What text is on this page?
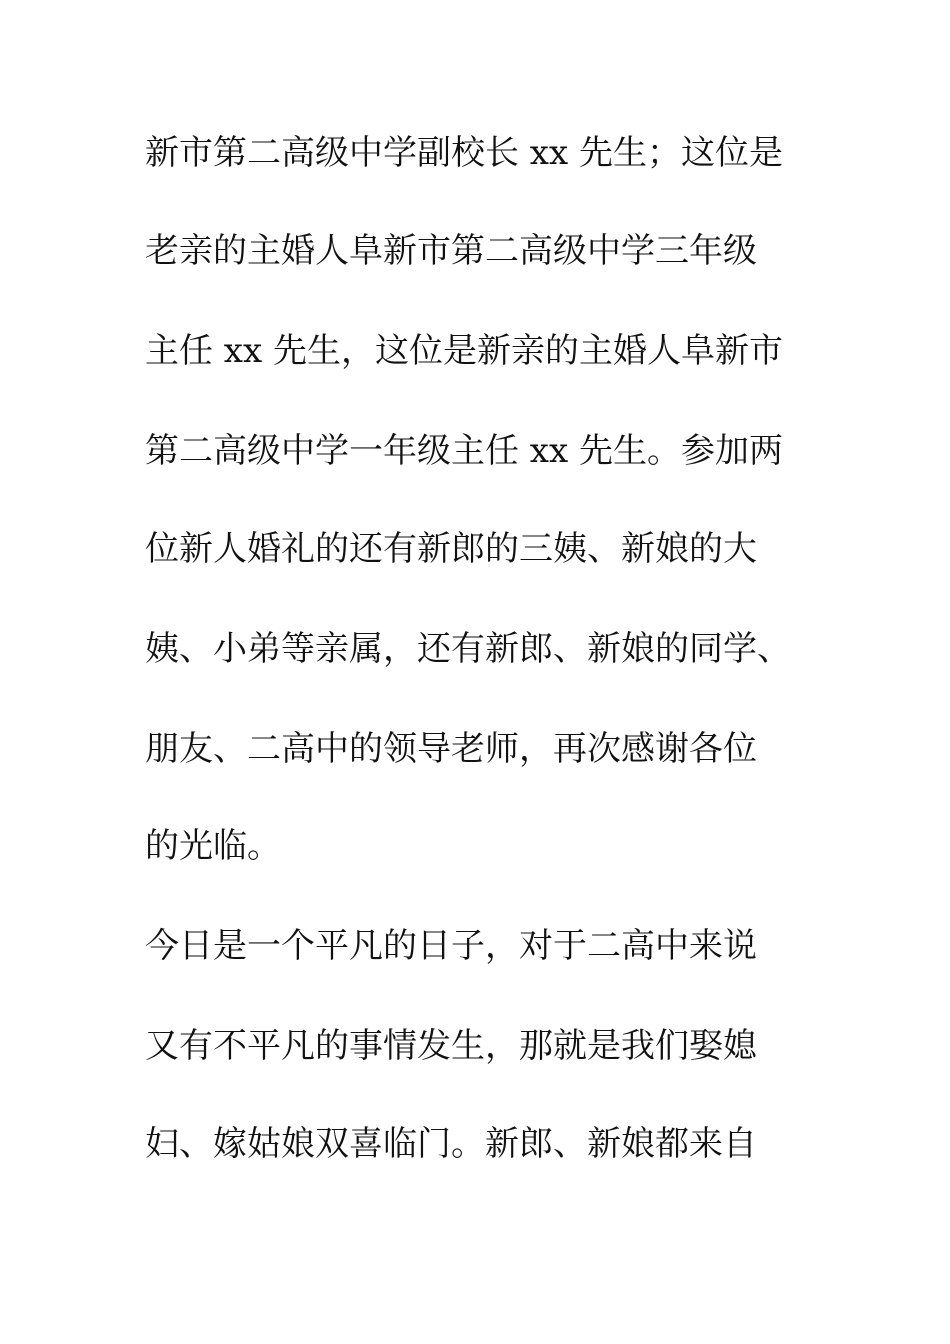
新市第二高级中学副校长 xx 先生；这位是
老亲的主婚人阜新市第二高级中学三年级
主任 xx 先生，这位是新亲的主婚人阜新市
第二高级中学一年级主任 xx 先生。参加两
位新人婚礼的还有新郎的三姨、新娘的大
姨、小弟等亲属，还有新郎、新娘的同学、
朋友、二高中的领导老师，再次感谢各位
的光临。
今日是一个平凡的日子，对于二高中来说
又有不平凡的事情发生，那就是我们娶媳
妇、嫁姑娘双喜临门。新郎、新娘都来自
